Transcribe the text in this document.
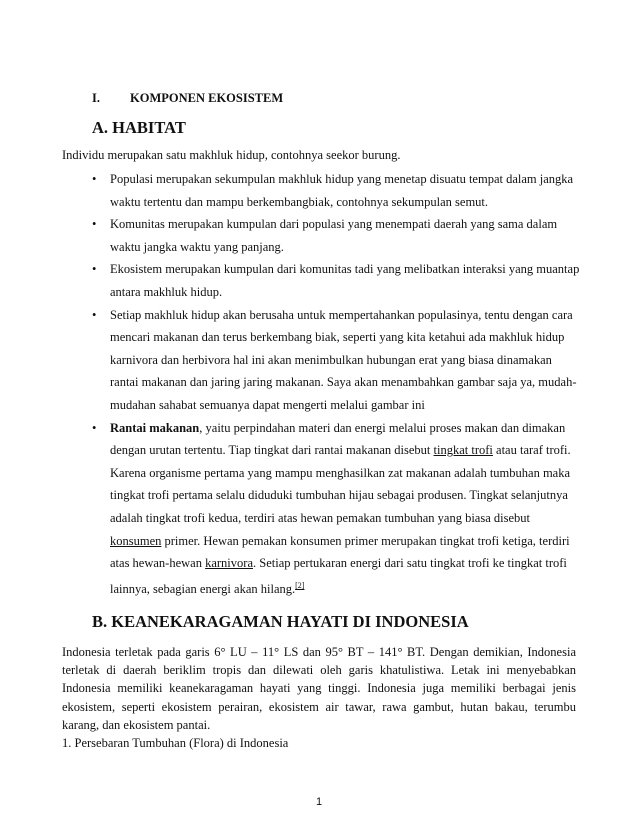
I. KOMPONEN EKOSISTEM
A. HABITAT
Individu merupakan satu makhluk hidup, contohnya seekor burung.
• Populasi merupakan sekumpulan makhluk hidup yang menetap disuatu tempat dalam jangka waktu tertentu dan mampu berkembangbiak, contohnya sekumpulan semut.
• Komunitas merupakan kumpulan dari populasi yang menempati daerah yang sama dalam waktu jangka waktu yang panjang.
• Ekosistem merupakan kumpulan dari komunitas tadi yang melibatkan interaksi yang muantap antara makhluk hidup.
• Setiap makhluk hidup akan berusaha untuk mempertahankan populasinya, tentu dengan cara mencari makanan dan terus berkembang biak, seperti yang kita ketahui ada makhluk hidup karnivora dan herbivora hal ini akan menimbulkan hubungan erat yang biasa dinamakan rantai makanan dan jaring jaring makanan. Saya akan menambahkan gambar saja ya, mudah-mudahan sahabat semuanya dapat mengerti melalui gambar ini
• Rantai makanan, yaitu perpindahan materi dan energi melalui proses makan dan dimakan dengan urutan tertentu. Tiap tingkat dari rantai makanan disebut tingkat trofi atau taraf trofi. Karena organisme pertama yang mampu menghasilkan zat makanan adalah tumbuhan maka tingkat trofi pertama selalu diduduki tumbuhan hijau sebagai produsen. Tingkat selanjutnya adalah tingkat trofi kedua, terdiri atas hewan pemakan tumbuhan yang biasa disebut konsumen primer. Hewan pemakan konsumen primer merupakan tingkat trofi ketiga, terdiri atas hewan-hewan karnivora. Setiap pertukaran energi dari satu tingkat trofi ke tingkat trofi lainnya, sebagian energi akan hilang.[2]
B. KEANEKARAGAMAN HAYATI DI INDONESIA
Indonesia terletak pada garis 6° LU – 11° LS dan 95° BT – 141° BT. Dengan demikian, Indonesia terletak di daerah beriklim tropis dan dilewati oleh garis khatulistiwa. Letak ini menyebabkan Indonesia memiliki keanekaragaman hayati yang tinggi. Indonesia juga memiliki berbagai jenis ekosistem, seperti ekosistem perairan, ekosistem air tawar, rawa gambut, hutan bakau, terumbu karang, dan ekosistem pantai.
1. Persebaran Tumbuhan (Flora) di Indonesia
1
